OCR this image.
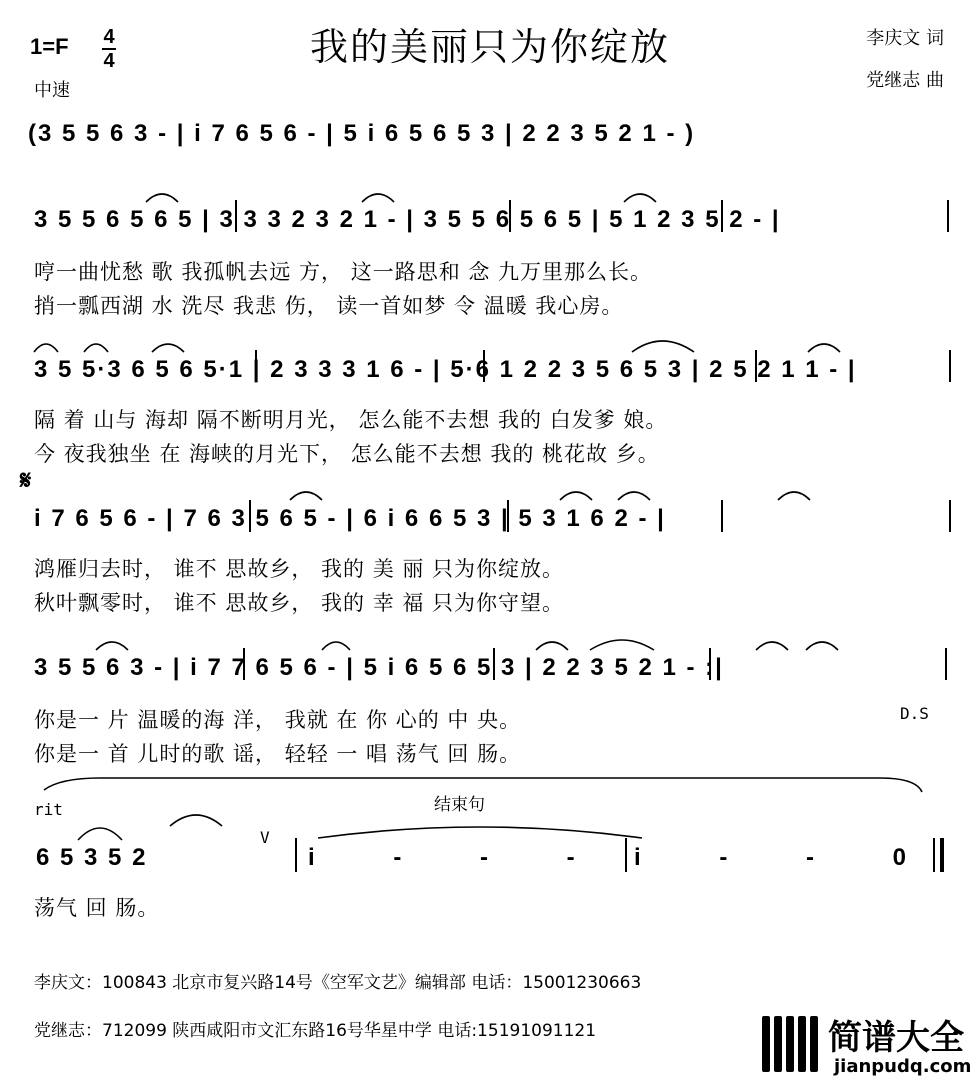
我的美丽只为你绽放
1=F 4
4
中速
李庆文 词
党继志 曲
(3 5 5 6 3 - | i 7 6 5 6 - | 5 i 6 5 6 5 3 | 2 2 3 5 2 1 - )
3 5 5 6 5 6 5 | 3 3 3 2 3 2 1 - | 3 5 5 6 5 6 5 | 5 1 2 3 5 2 - |
哼一曲忧愁 歌 我孤帆去远 方， 这一路思和 念 九万里那么长。
捎一瓢西湖 水 洗尽 我悲 伤， 读一首如梦 令 温暖 我心房。
3 5 5·3 6 5 6 5·1 | 2 3 3 3 1 6 - | 5·6 1 2 2 3 5 6 5 3 | 2 5 2 1 1 - |
隔 着 山与 海却 隔不断明月光， 怎么能不去想 我的 白发爹 娘。
今 夜我独坐 在 海峡的月光下， 怎么能不去想 我的 桃花故 乡。
𝄋
i 7 6 5 6 - | 7 6 3 5 6 5 - | 6 i 6 6 5 3 | 5 3 1 6 2 - |
鸿雁归去时， 谁不 思故乡， 我的 美 丽 只为你绽放。
秋叶飘零时， 谁不 思故乡， 我的 幸 福 只为你守望。
3 5 5 6 3 - | i 7 7 6 5 6 - | 5 i 6 5 6 5 3 | 2 2 3 5 2 1 - :|
你是一 片 温暖的海 洋， 我就 在 你 心的 中 央。	D.S
你是一 首 儿时的歌 谣， 轻轻 一 唱 荡气 回 肠。
rit	结束句
6 5 3 5 2
V
i - - - i - - 0
荡气 回 肠。
李庆文：100843 北京市复兴路14号《空军文艺》编辑部 电话：15001230663
党继志：712099 陕西咸阳市文汇东路16号华星中学 电话:15191091121	简谱大全
jianpudq.com
